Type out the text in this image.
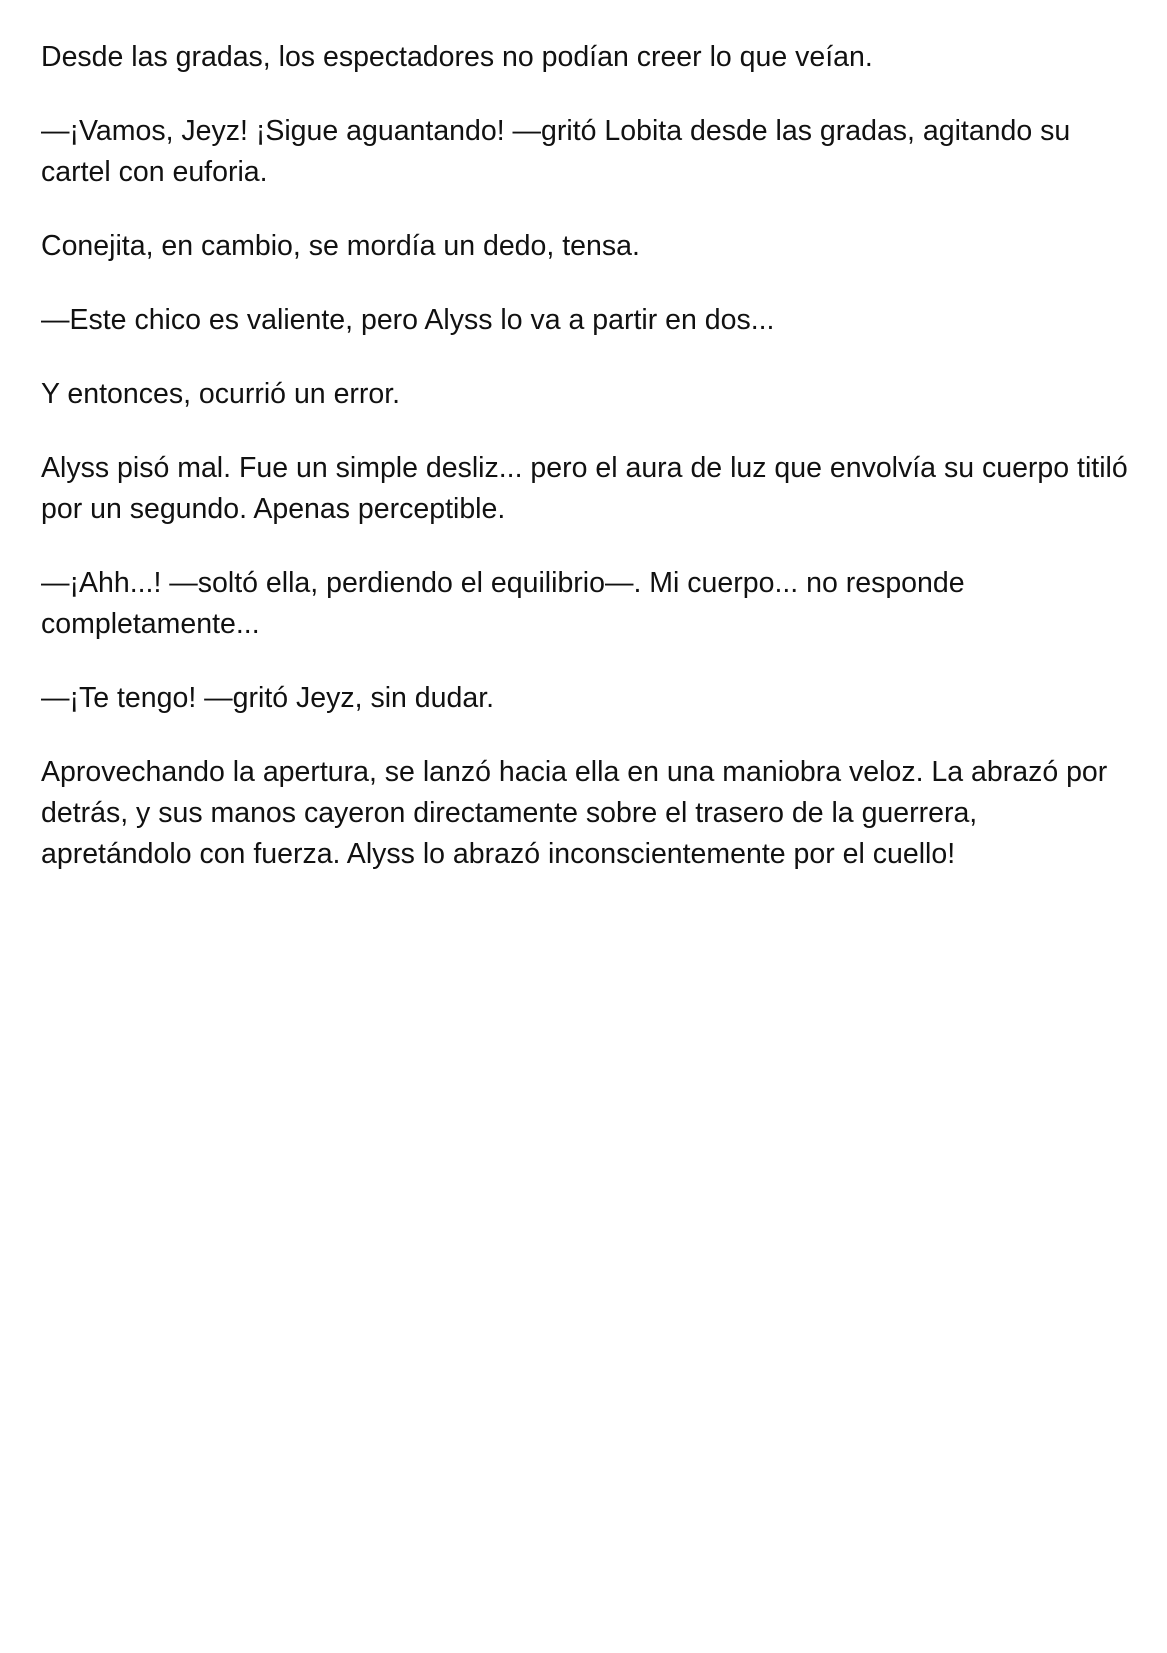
Desde las gradas, los espectadores no podían creer lo que veían.

—¡Vamos, Jeyz! ¡Sigue aguantando! —gritó Lobita desde las gradas, agitando su cartel con euforia.

Conejita, en cambio, se mordía un dedo, tensa.

—Este chico es valiente, pero Alyss lo va a partir en dos...

Y entonces, ocurrió un error.

Alyss pisó mal. Fue un simple desliz... pero el aura de luz que envolvía su cuerpo titiló por un segundo. Apenas perceptible.

—¡Ahh...! —soltó ella, perdiendo el equilibrio—. Mi cuerpo... no responde completamente...

—¡Te tengo! —gritó Jeyz, sin dudar.

Aprovechando la apertura, se lanzó hacia ella en una maniobra veloz. La abrazó por detrás, y sus manos cayeron directamente sobre el trasero de la guerrera, apretándolo con fuerza. Alyss lo abrazó inconscientemente por el cuello!
